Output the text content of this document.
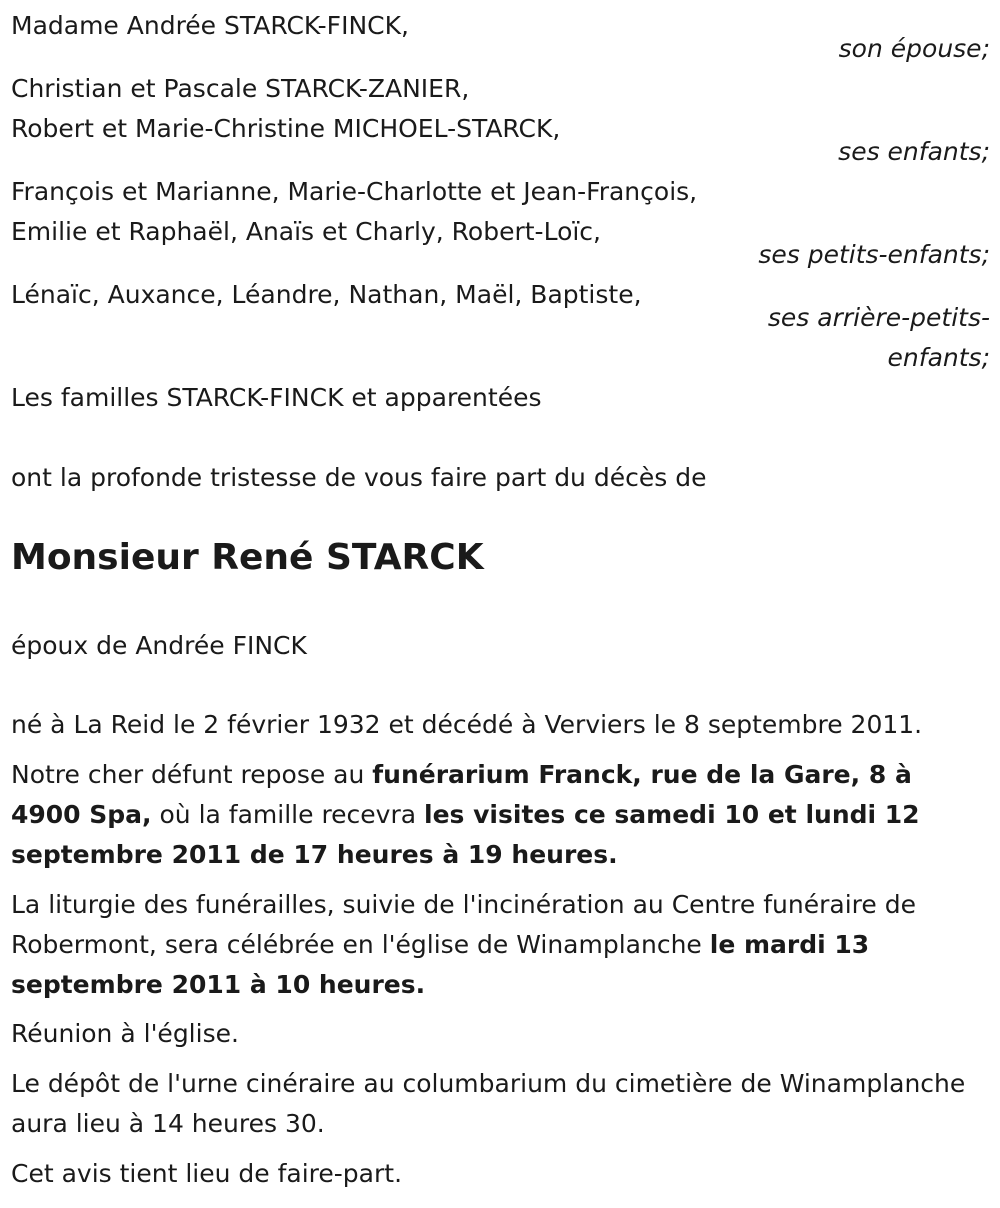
Madame Andrée STARCK-FINCK,
son épouse;
Christian et Pascale STARCK-ZANIER,
Robert et Marie-Christine MICHOEL-STARCK,
ses enfants;
François et Marianne, Marie-Charlotte et Jean-François,
Emilie et Raphaël, Anaïs et Charly, Robert-Loïc,
ses petits-enfants;
Lénaïc, Auxance, Léandre, Nathan, Maël, Baptiste,
ses arrière-petits-
enfants;
Les familles STARCK-FINCK et apparentées
ont la profonde tristesse de vous faire part du décès de
Monsieur René STARCK
époux de Andrée FINCK
né à La Reid le 2 février 1932 et décédé à Verviers le 8 septembre 2011.
Notre cher défunt repose au funérarium Franck, rue de la Gare, 8 à 4900 Spa, où la famille recevra les visites ce samedi 10 et lundi 12 septembre 2011 de 17 heures à 19 heures.
La liturgie des funérailles, suivie de l'incinération au Centre funéraire de Robermont, sera célébrée en l'église de Winamplanche le mardi 13 septembre 2011 à 10 heures.
Réunion à l'église.
Le dépôt de l'urne cinéraire au columbarium du cimetière de Winamplanche aura lieu à 14 heures 30.
Cet avis tient lieu de faire-part.
